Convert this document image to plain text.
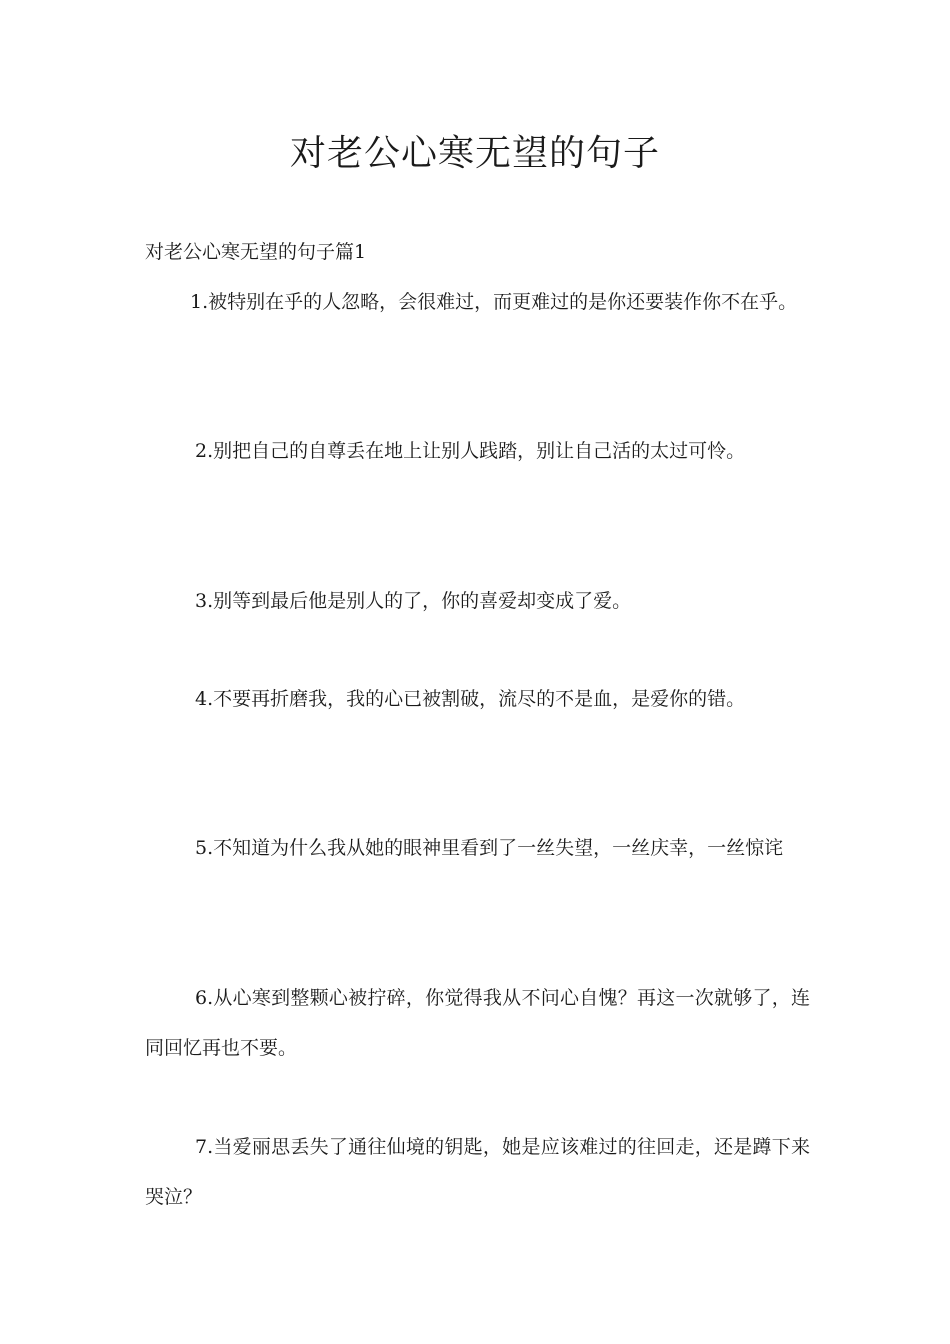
对老公心寒无望的句子

对老公心寒无望的句子篇1

1.被特别在乎的人忽略，会很难过，而更难过的是你还要装作你不在乎。

2.别把自己的自尊丢在地上让别人践踏，别让自己活的太过可怜。

3.别等到最后他是别人的了，你的喜爱却变成了爱。

4.不要再折磨我，我的心已被割破，流尽的不是血，是爱你的错。

5.不知道为什么我从她的眼神里看到了一丝失望，一丝庆幸，一丝惊诧

6.从心寒到整颗心被拧碎，你觉得我从不问心自愧？再这一次就够了，连同回忆再也不要。

7.当爱丽思丢失了通往仙境的钥匙，她是应该难过的往回走，还是蹲下来哭泣？
